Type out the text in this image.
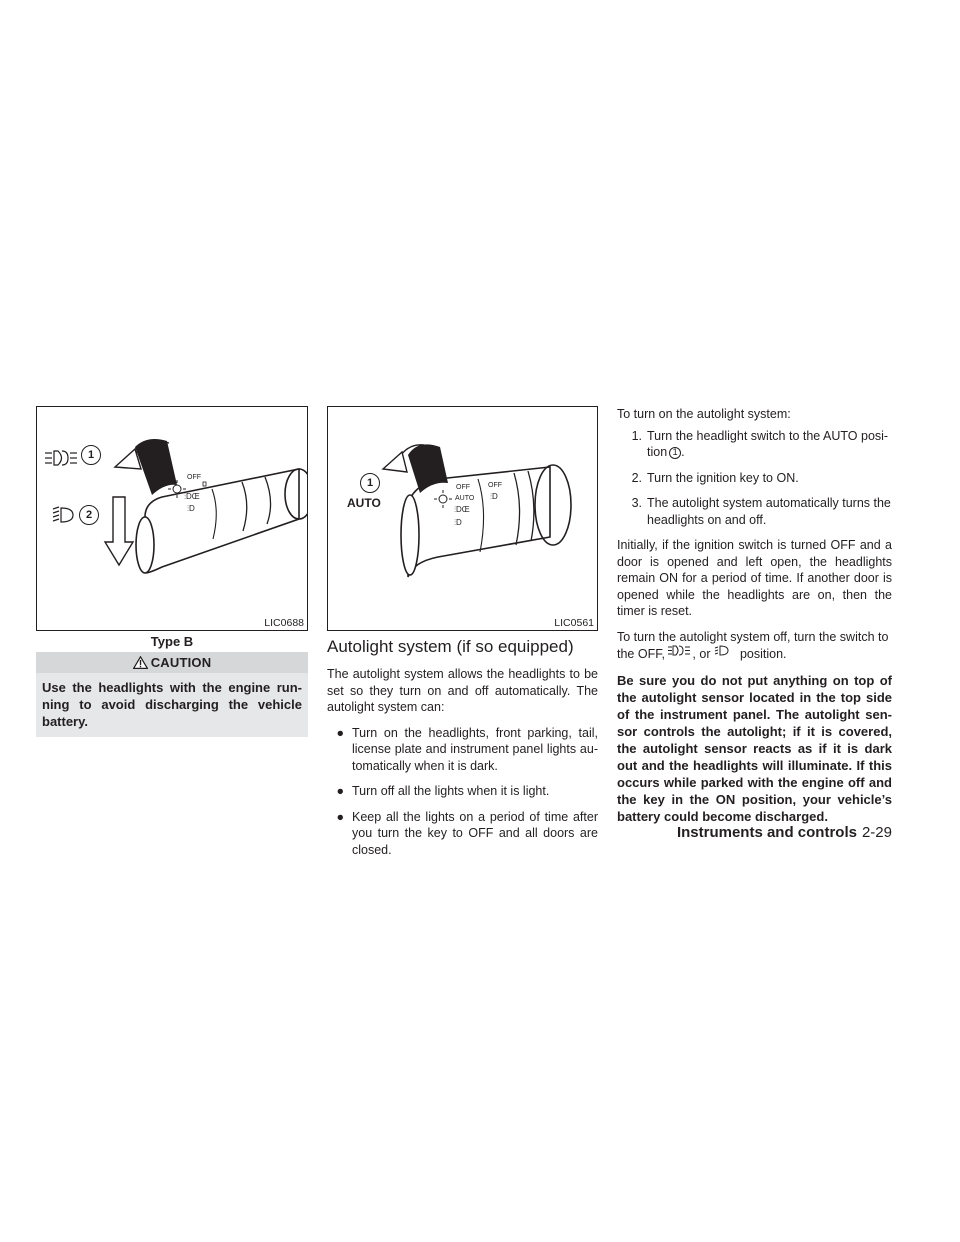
OFF
⫶DŒ
⫶D
1
2
LIC0688
Type B
CAUTION
Use the headlights with the engine run-ning to avoid discharging the vehicle battery.
OFF
AUTO
OFF
⫶DŒ
⫶D
⫶D
1
AUTO
LIC0561
Autolight system (if so equipped)

The autolight system allows the headlights to be set so they turn on and off automatically. The autolight system can:

● Turn on the headlights, front parking, tail, license plate and instrument panel lights au-tomatically when it is dark.
● Turn off all the lights when it is light.
● Keep all the lights on a period of time after you turn the key to OFF and all doors are closed.

To turn on the autolight system:

1. Turn the headlight switch to the AUTO posi-tion 1 .
2. Turn the ignition key to ON.
3. The autolight system automatically turns the headlights on and off.

Initially, if the ignition switch is turned OFF and a door is opened and left open, the headlights remain ON for a period of time. If another door is opened while the headlights are on, then the timer is reset.

To turn the autolight system off, turn the switch to
the OFF, , or position.

Be sure you do not put anything on top of the autolight sensor located in the top side of the instrument panel. The autolight sen-sor controls the autolight; if it is covered, the autolight sensor reacts as if it is dark out and the headlights will illuminate. If this occurs while parked with the engine off and the key in the ON position, your vehicle’s battery could become discharged.
Instruments and controls 2-29
